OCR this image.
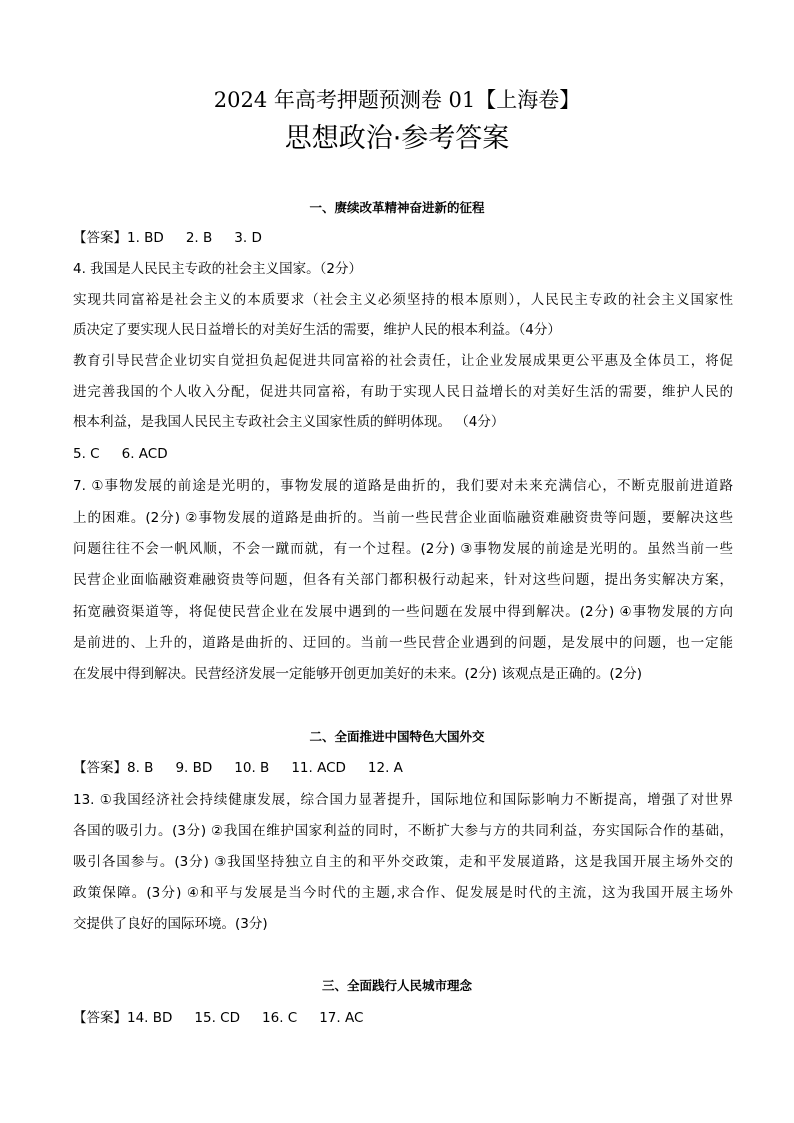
2024 年高考押题预测卷 01【上海卷】
思想政治·参考答案
一、赓续改革精神奋进新的征程
【答案】1. BD 2. B 3. D
4. 我国是人民民主专政的社会主义国家。（2分）
实现共同富裕是社会主义的本质要求（社会主义必须坚持的根本原则），人民民主专政的社会主义国家性
质决定了要实现人民日益增长的对美好生活的需要，维护人民的根本利益。（4分）
教育引导民营企业切实自觉担负起促进共同富裕的社会责任，让企业发展成果更公平惠及全体员工，将促
进完善我国的个人收入分配，促进共同富裕，有助于实现人民日益增长的对美好生活的需要，维护人民的
根本利益，是我国人民民主专政社会主义国家性质的鲜明体现。 （4分）
5. C 6. ACD
7. ①事物发展的前途是光明的，事物发展的道路是曲折的，我们要对未来充满信心，不断克服前进道路
上的困难。(2分) ②事物发展的道路是曲折的。当前一些民营企业面临融资难融资贵等问题，要解决这些
问题往往不会一帆风顺，不会一蹴而就，有一个过程。(2分) ③事物发展的前途是光明的。虽然当前一些
民营企业面临融资难融资贵等问题，但各有关部门都积极行动起来，针对这些问题，提出务实解决方案，
拓宽融资渠道等，将促使民营企业在发展中遇到的一些问题在发展中得到解决。(2分) ④事物发展的方向
是前进的、上升的，道路是曲折的、迂回的。当前一些民营企业遇到的问题，是发展中的问题，也一定能
在发展中得到解决。民营经济发展一定能够开创更加美好的未来。(2分) 该观点是正确的。(2分)
二、全面推进中国特色大国外交
【答案】8. B 9. BD 10. B 11. ACD 12. A
13. ①我国经济社会持续健康发展，综合国力显著提升，国际地位和国际影响力不断提高，增强了对世界
各国的吸引力。(3分) ②我国在维护国家利益的同时，不断扩大参与方的共同利益，夯实国际合作的基础，
吸引各国参与。(3分) ③我国坚持独立自主的和平外交政策，走和平发展道路，这是我国开展主场外交的
政策保障。(3分) ④和平与发展是当今时代的主题,求合作、促发展是时代的主流，这为我国开展主场外
交提供了良好的国际环境。(3分)
三、全面践行人民城市理念
【答案】14. BD 15. CD 16. C 17. AC
